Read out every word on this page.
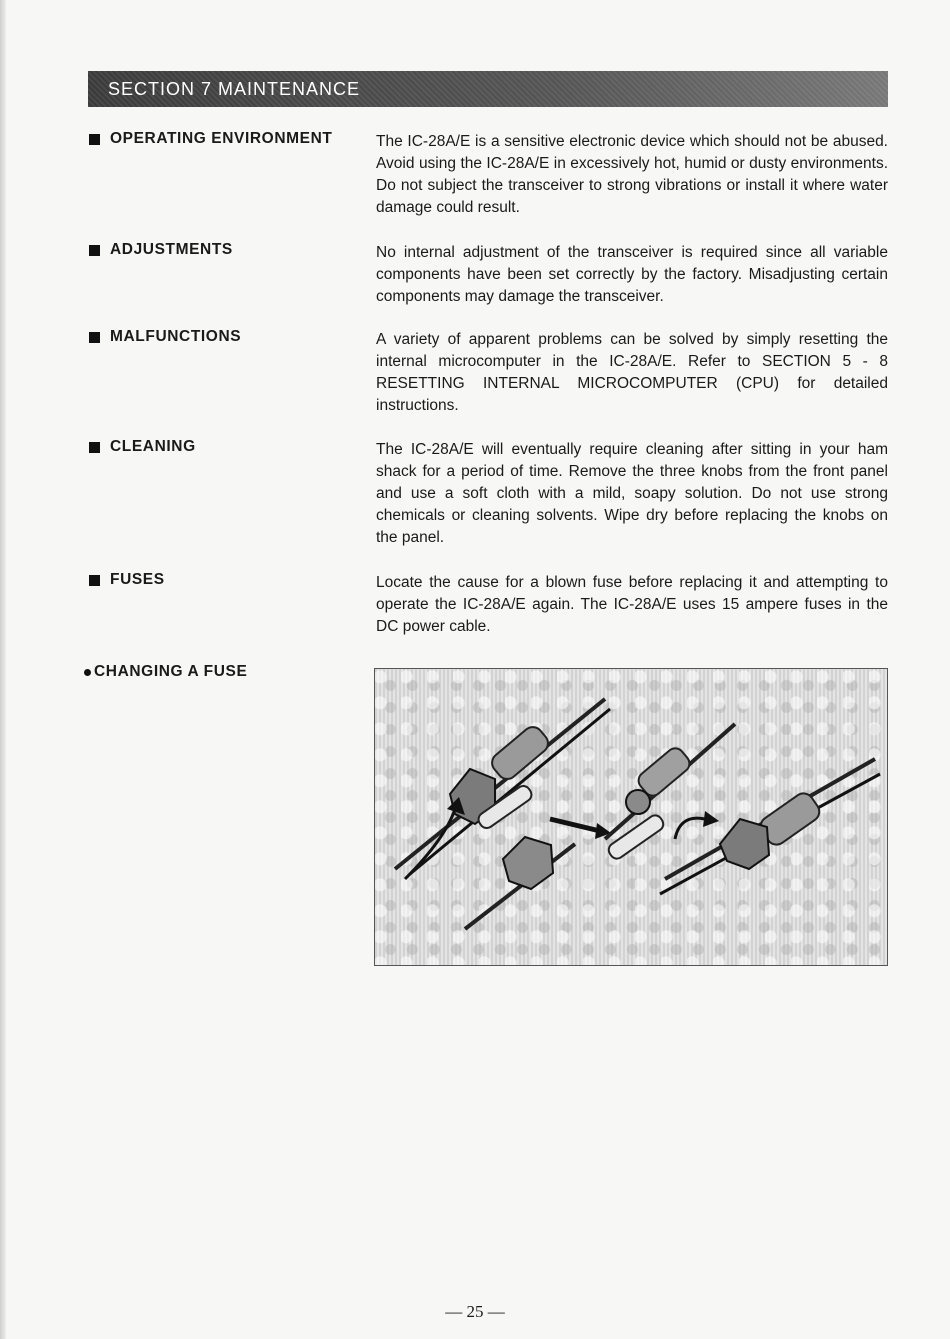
SECTION 7 MAINTENANCE
OPERATING ENVIRONMENT	The IC-28A/E is a sensitive electronic device which should not be abused. Avoid using the IC-28A/E in excessively hot, humid or dusty environments. Do not subject the transceiver to strong vibrations or install it where water damage could result.

ADJUSTMENTS	No internal adjustment of the transceiver is required since all variable components have been set correctly by the factory. Misadjusting certain components may damage the transceiver.

MALFUNCTIONS	A variety of apparent problems can be solved by simply resetting the internal microcomputer in the IC-28A/E. Refer to SECTION 5 - 8 RESETTING INTERNAL MICROCOMPUTER (CPU) for detailed instructions.

CLEANING	The IC-28A/E will eventually require cleaning after sitting in your ham shack for a period of time. Remove the three knobs from the front panel and use a soft cloth with a mild, soapy solution. Do not use strong chemicals or cleaning solvents. Wipe dry before replacing the knobs on the panel.

FUSES	Locate the cause for a blown fuse before replacing it and attempting to operate the IC-28A/E again. The IC-28A/E uses 15 ampere fuses in the DC power cable.

CHANGING A FUSE
— 25 —
